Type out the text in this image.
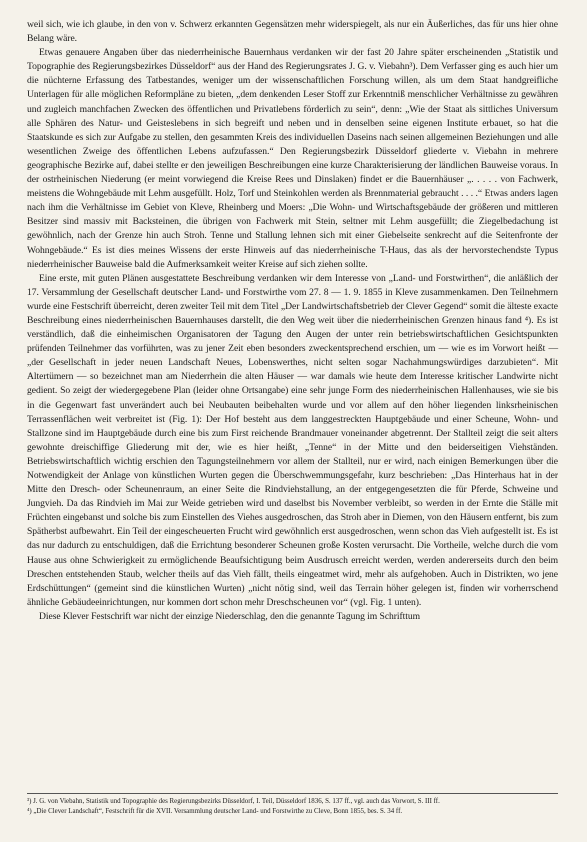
weil sich, wie ich glaube, in den von v. Schwerz erkannten Gegensätzen mehr widerspiegelt, als nur ein Äußerliches, das für uns hier ohne Belang wäre.

Etwas genauere Angaben über das niederrheinische Bauernhaus verdanken wir der fast 20 Jahre später erscheinenden „Statistik und Topographie des Regierungsbezirkes Düsseldorf“ aus der Hand des Regierungsrates J. G. v. Viebahn³). Dem Verfasser ging es auch hier um die nüchterne Erfassung des Tatbestandes, weniger um der wissenschaftlichen Forschung willen, als um dem Staat handgreifliche Unterlagen für alle möglichen Reformpläne zu bieten, „dem denkenden Leser Stoff zur Erkenntniß menschlicher Verhältnisse zu gewähren und zugleich manchfachen Zwecken des öffentlichen und Privatlebens förderlich zu sein“, denn: „Wie der Staat als sittliches Universum alle Sphären des Natur- und Geisteslebens in sich begreift und neben und in denselben seine eigenen Institute erbauet, so hat die Staatskunde es sich zur Aufgabe zu stellen, den gesammten Kreis des individuellen Daseins nach seinen allgemeinen Beziehungen und alle wesentlichen Zweige des öffentlichen Lebens aufzufassen.“ Den Regierungsbezirk Düsseldorf gliederte v. Viebahn in mehrere geographische Bezirke auf, dabei stellte er den jeweiligen Beschreibungen eine kurze Charakterisierung der ländlichen Bauweise voraus. In der ostrheinischen Niederung (er meint vorwiegend die Kreise Rees und Dinslaken) findet er die Bauernhäuser „. . . . . von Fachwerk, meistens die Wohngebäude mit Lehm ausgefüllt. Holz, Torf und Steinkohlen werden als Brennmaterial gebraucht . . . .“ Etwas anders lagen nach ihm die Verhältnisse im Gebiet von Kleve, Rheinberg und Moers: „Die Wohn- und Wirtschaftsgebäude der größeren und mittleren Besitzer sind massiv mit Backsteinen, die übrigen von Fachwerk mit Stein, seltner mit Lehm ausgefüllt; die Ziegelbedachung ist gewöhnlich, nach der Grenze hin auch Stroh. Tenne und Stallung lehnen sich mit einer Giebelseite senkrecht auf die Seitenfronte der Wohngebäude.“ Es ist dies meines Wissens der erste Hinweis auf das niederrheinische T-Haus, das als der hervorstechendste Typus niederrheinischer Bauweise bald die Aufmerksamkeit weiter Kreise auf sich ziehen sollte.

Eine erste, mit guten Plänen ausgestattete Beschreibung verdanken wir dem Interesse von „Land- und Forstwirthen“, die anläßlich der 17. Versammlung der Gesellschaft deutscher Land- und Forstwirthe vom 27. 8 — 1. 9. 1855 in Kleve zusammenkamen. Den Teilnehmern wurde eine Festschrift überreicht, deren zweiter Teil mit dem Titel „Der Landwirtschaftsbetrieb der Clever Gegend“ somit die älteste exacte Beschreibung eines niederrheinischen Bauernhauses darstellt, die den Weg weit über die niederrheinischen Grenzen hinaus fand ⁴). Es ist verständlich, daß die einheimischen Organisatoren der Tagung den Augen der unter rein betriebswirtschaftlichen Gesichtspunkten prüfenden Teilnehmer das vorführten, was zu jener Zeit eben besonders zweckentsprechend erschien, um — wie es im Vorwort heißt — „der Gesellschaft in jeder neuen Landschaft Neues, Lobenswerthes, nicht selten sogar Nachahmungswürdiges darzubieten“. Mit Altertümern — so bezeichnet man am Niederrhein die alten Häuser — war damals wie heute dem Interesse kritischer Landwirte nicht gedient. So zeigt der wiedergegebene Plan (leider ohne Ortsangabe) eine sehr junge Form des niederrheinischen Hallenhauses, wie sie bis in die Gegenwart fast unverändert auch bei Neubauten beibehalten wurde und vor allem auf den höher liegenden linksrheinischen Terrassenflächen weit verbreitet ist (Fig. 1): Der Hof besteht aus dem langgestreckten Hauptgebäude und einer Scheune, Wohn- und Stallzone sind im Hauptgebäude durch eine bis zum First reichende Brandmauer voneinander abgetrennt. Der Stallteil zeigt die seit alters gewohnte dreischiffige Gliederung mit der, wie es hier heißt, „Tenne“ in der Mitte und den beiderseitigen Viehständen. Betriebswirtschaftlich wichtig erschien den Tagungsteilnehmern vor allem der Stallteil, nur er wird, nach einigen Bemerkungen über die Notwendigkeit der Anlage von künstlichen Wurten gegen die Überschwemmungsgefahr, kurz beschrieben: „Das Hinterhaus hat in der Mitte den Dresch- oder Scheunenraum, an einer Seite die Rindviehstallung, an der entgegengesetzten die für Pferde, Schweine und Jungvieh. Da das Rindvieh im Mai zur Weide getrieben wird und daselbst bis November verbleibt, so werden in der Ernte die Ställe mit Früchten eingebanst und solche bis zum Einstellen des Viehes ausgedroschen, das Stroh aber in Diemen, von den Häusern entfernt, bis zum Spätherbst aufbewahrt. Ein Teil der eingescheuerten Frucht wird gewöhnlich erst ausgedroschen, wenn schon das Vieh aufgestellt ist. Es ist das nur dadurch zu entschuldigen, daß die Errichtung besonderer Scheunen große Kosten verursacht. Die Vortheile, welche durch die vom Hause aus ohne Schwierigkeit zu ermöglichende Beaufsichtigung beim Ausdrusch erreicht werden, werden andererseits durch den beim Dreschen entstehenden Staub, welcher theils auf das Vieh fällt, theils eingeatmet wird, mehr als aufgehoben. Auch in Distrikten, wo jene Erdschüttungen“ (gemeint sind die künstlichen Wurten) „nicht nötig sind, weil das Terrain höher gelegen ist, finden wir vorherrschend ähnliche Gebäudeeinrichtungen, nur kommen dort schon mehr Dreschscheunen vor“ (vgl. Fig. 1 unten).

Diese Klever Festschrift war nicht der einzige Niederschlag, den die genannte Tagung im Schrifttum

³) J. G. von Viebahn, Statistik und Topographie des Regierungsbezirks Düsseldorf, I. Teil, Düsseldorf 1836, S. 137 ff., vgl. auch das Vorwort, S. III ff.
⁴) „Die Clever Landschaft“, Festschrift für die XVII. Versammlung deutscher Land- und Forstwirthe zu Cleve, Bonn 1855, bes. S. 34 ff.
